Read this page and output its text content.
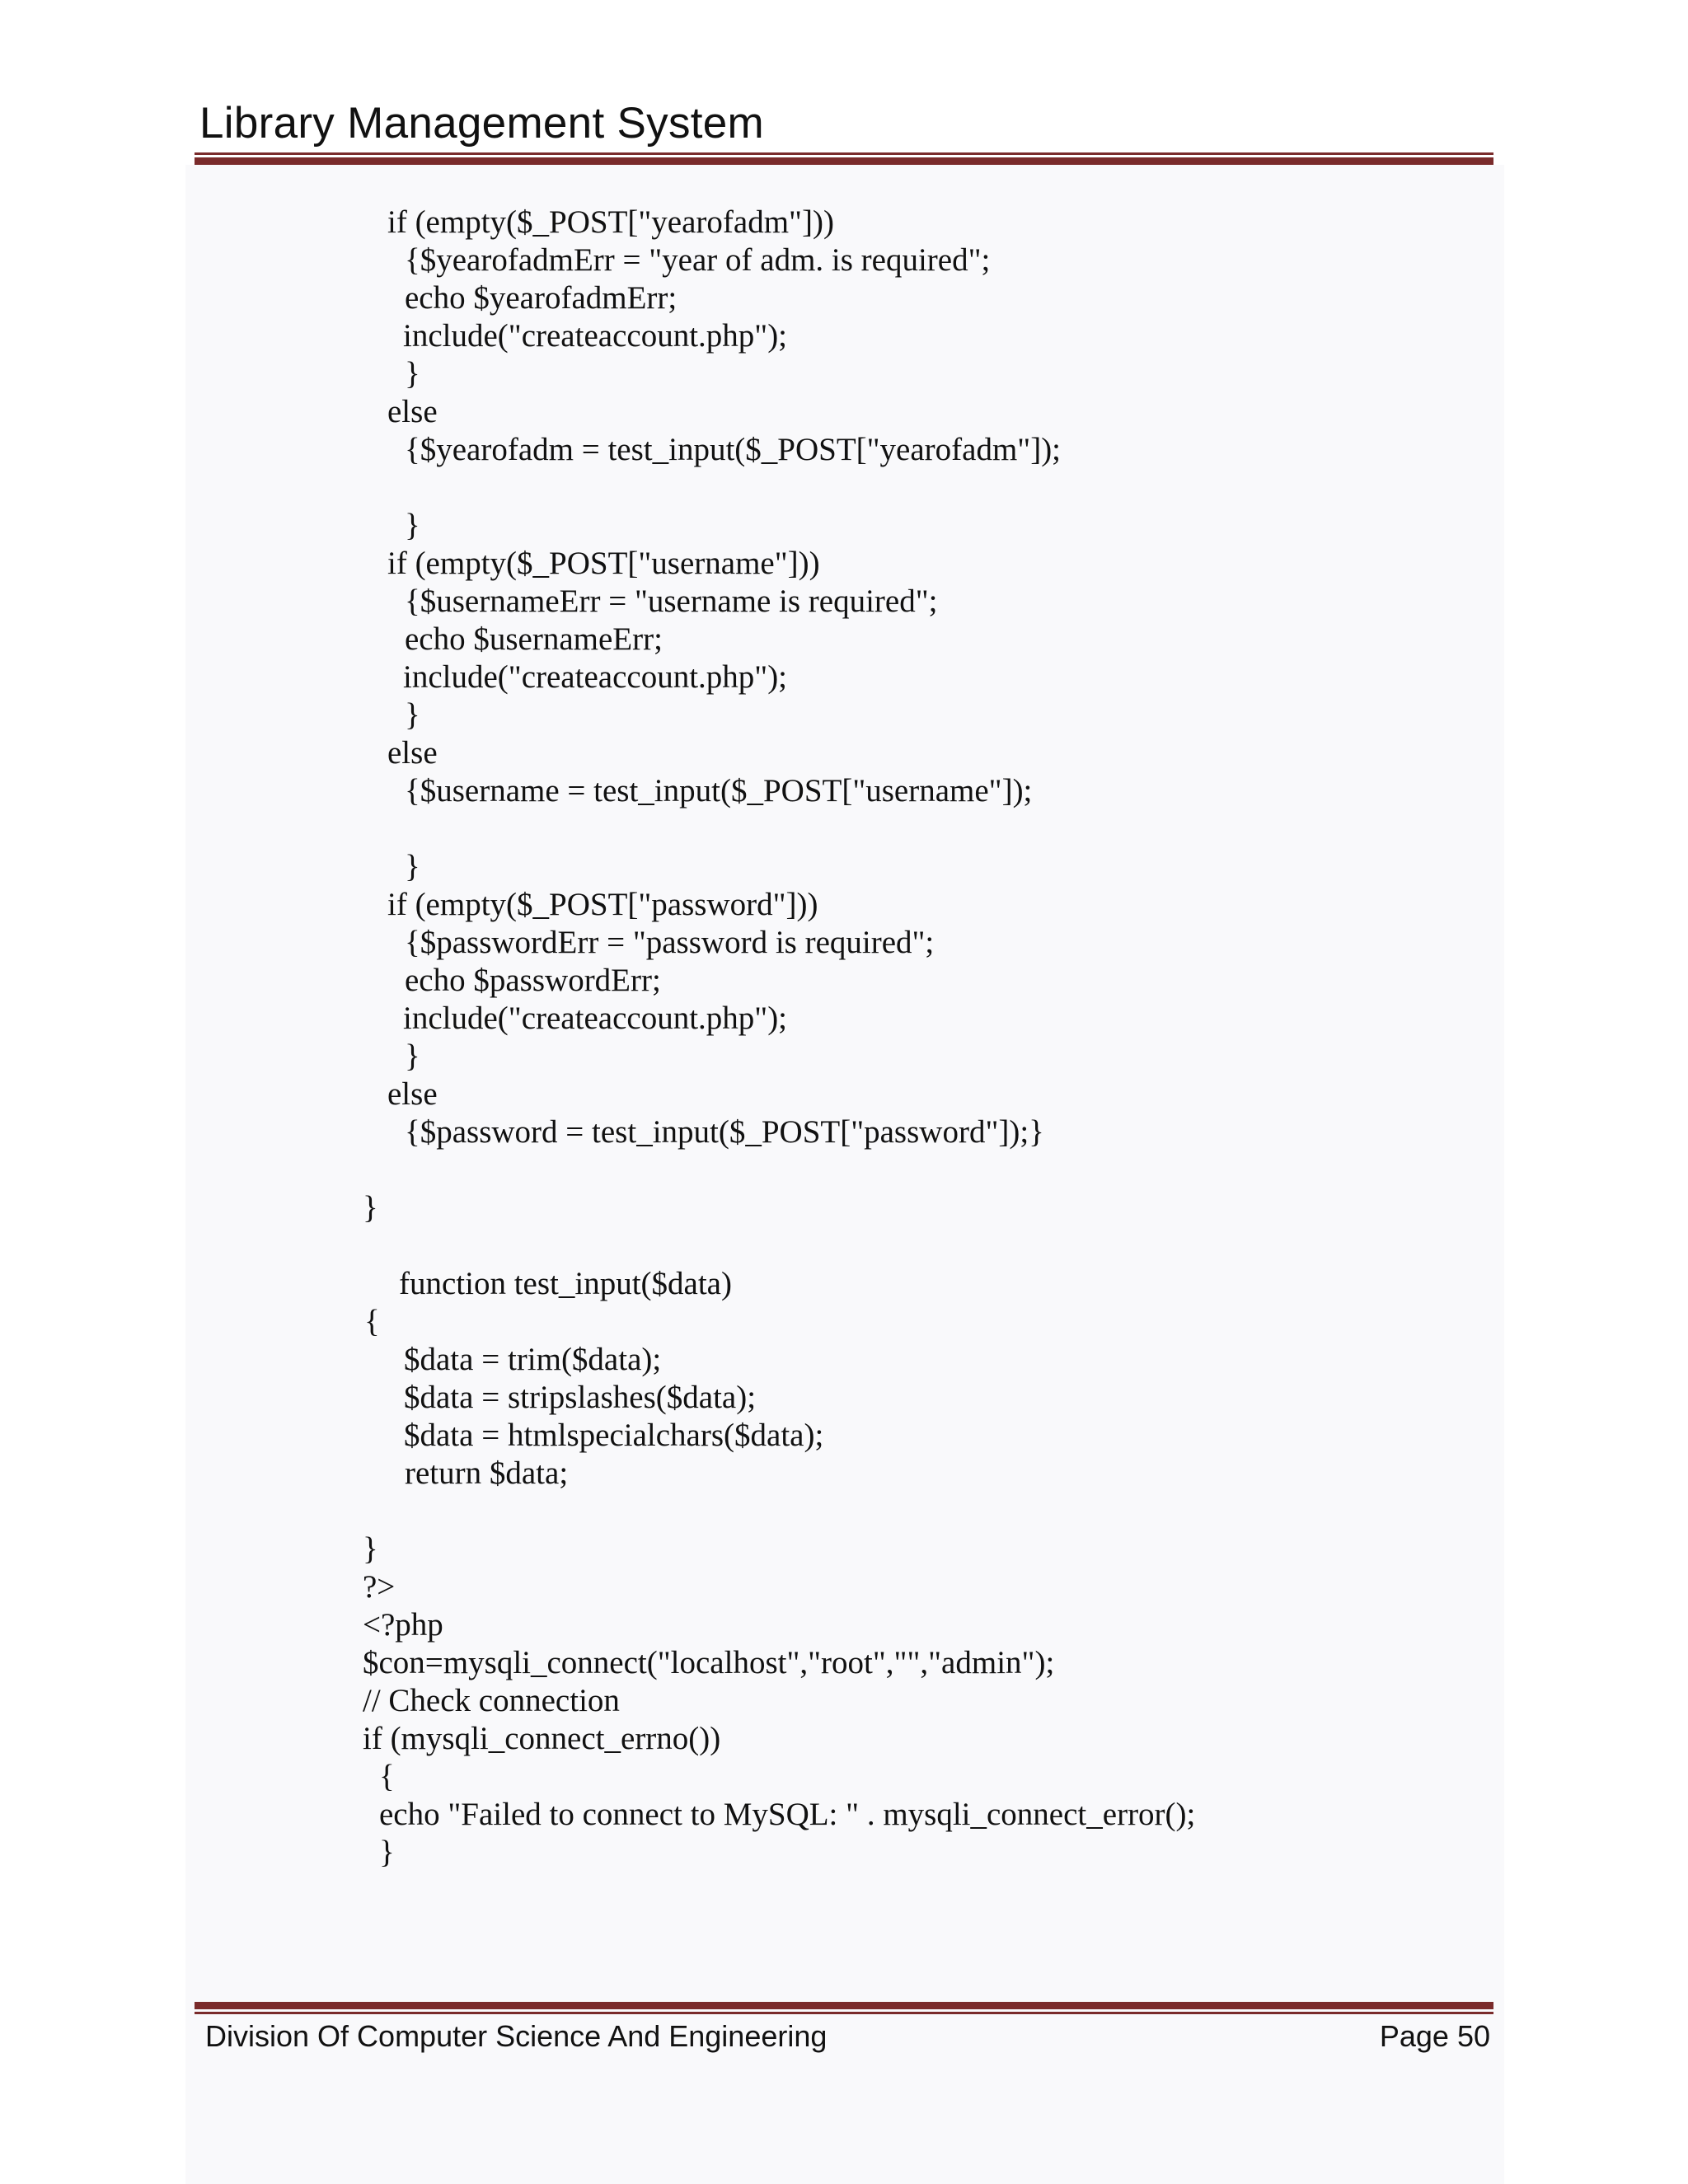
Library Management System
if (empty($_POST["yearofadm"]))
{$yearofadmErr = "year of adm. is required";
echo $yearofadmErr;
include("createaccount.php");
}
else
{$yearofadm = test_input($_POST["yearofadm"]);
}
if (empty($_POST["username"]))
{$usernameErr = "username is required";
echo $usernameErr;
include("createaccount.php");
}
else
{$username = test_input($_POST["username"]);
}
if (empty($_POST["password"]))
{$passwordErr = "password is required";
echo $passwordErr;
include("createaccount.php");
}
else
{$password = test_input($_POST["password"]);}
}
function test_input($data)
{
$data = trim($data);
$data = stripslashes($data);
$data = htmlspecialchars($data);
return $data;
}
?>
<?php
$con=mysqli_connect("localhost","root","","admin");
// Check connection
if (mysqli_connect_errno())
{
echo "Failed to connect to MySQL: " . mysqli_connect_error();
}
Division Of Computer Science And Engineering	Page 50
